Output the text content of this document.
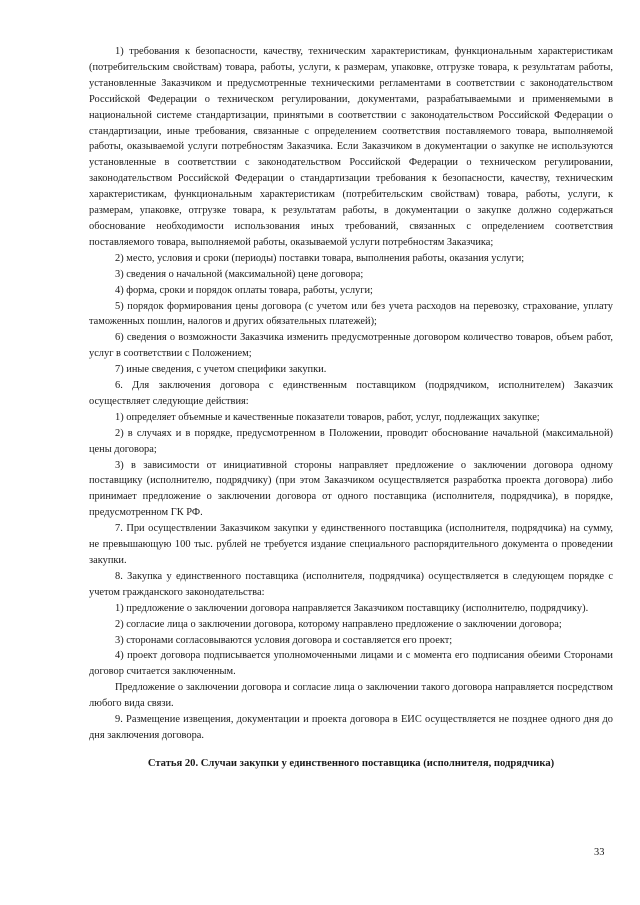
1) требования к безопасности, качеству, техническим характеристикам, функциональным характеристикам (потребительским свойствам) товара, работы, услуги, к размерам, упаковке, отгрузке товара, к результатам работы, установленные Заказчиком и предусмотренные техническими регламентами в соответствии с законодательством Российской Федерации о техническом регулировании, документами, разрабатываемыми и применяемыми в национальной системе стандартизации, принятыми в соответствии с законодательством Российской Федерации о стандартизации, иные требования, связанные с определением соответствия поставляемого товара, выполняемой работы, оказываемой услуги потребностям Заказчика. Если Заказчиком в документации о закупке не используются установленные в соответствии с законодательством Российской Федерации о техническом регулировании, законодательством Российской Федерации о стандартизации требования к безопасности, качеству, техническим характеристикам, функциональным характеристикам (потребительским свойствам) товара, работы, услуги, к размерам, упаковке, отгрузке товара, к результатам работы, в документации о закупке должно содержаться обоснование необходимости использования иных требований, связанных с определением соответствия поставляемого товара, выполняемой работы, оказываемой услуги потребностям Заказчика;

2) место, условия и сроки (периоды) поставки товара, выполнения работы, оказания услуги;

3) сведения о начальной (максимальной) цене договора;

4) форма, сроки и порядок оплаты товара, работы, услуги;

5) порядок формирования цены договора (с учетом или без учета расходов на перевозку, страхование, уплату таможенных пошлин, налогов и других обязательных платежей);

6) сведения о возможности Заказчика изменить предусмотренные договором количество товаров, объем работ, услуг в соответствии с Положением;

7) иные сведения, с учетом специфики закупки.

6. Для заключения договора с единственным поставщиком (подрядчиком, исполнителем) Заказчик осуществляет следующие действия:

1) определяет объемные и качественные показатели товаров, работ, услуг, подлежащих закупке;

2) в случаях и в порядке, предусмотренном в Положении, проводит обоснование начальной (максимальной) цены договора;

3) в зависимости от инициативной стороны направляет предложение о заключении договора одному поставщику (исполнителю, подрядчику) (при этом Заказчиком осуществляется разработка проекта договора) либо принимает предложение о заключении договора от одного поставщика (исполнителя, подрядчика), в порядке, предусмотренном ГК РФ.

7. При осуществлении Заказчиком закупки у единственного поставщика (исполнителя, подрядчика) на сумму, не превышающую 100 тыс. рублей не требуется издание специального распорядительного документа о проведении закупки.

8. Закупка у единственного поставщика (исполнителя, подрядчика) осуществляется в следующем порядке с учетом гражданского законодательства:

1) предложение о заключении договора направляется Заказчиком поставщику (исполнителю, подрядчику).

2) согласие лица о заключении договора, которому направлено предложение о заключении договора;

3) сторонами согласовываются условия договора и составляется его проект;

4) проект договора подписывается уполномоченными лицами и с момента его подписания обеими Сторонами договор считается заключенным.

Предложение о заключении договора и согласие лица о заключении такого договора направляется посредством любого вида связи.

9. Размещение извещения, документации и проекта договора в ЕИС осуществляется не позднее одного дня до дня заключения договора.

Статья 20. Случаи закупки у единственного поставщика (исполнителя, подрядчика)

33
